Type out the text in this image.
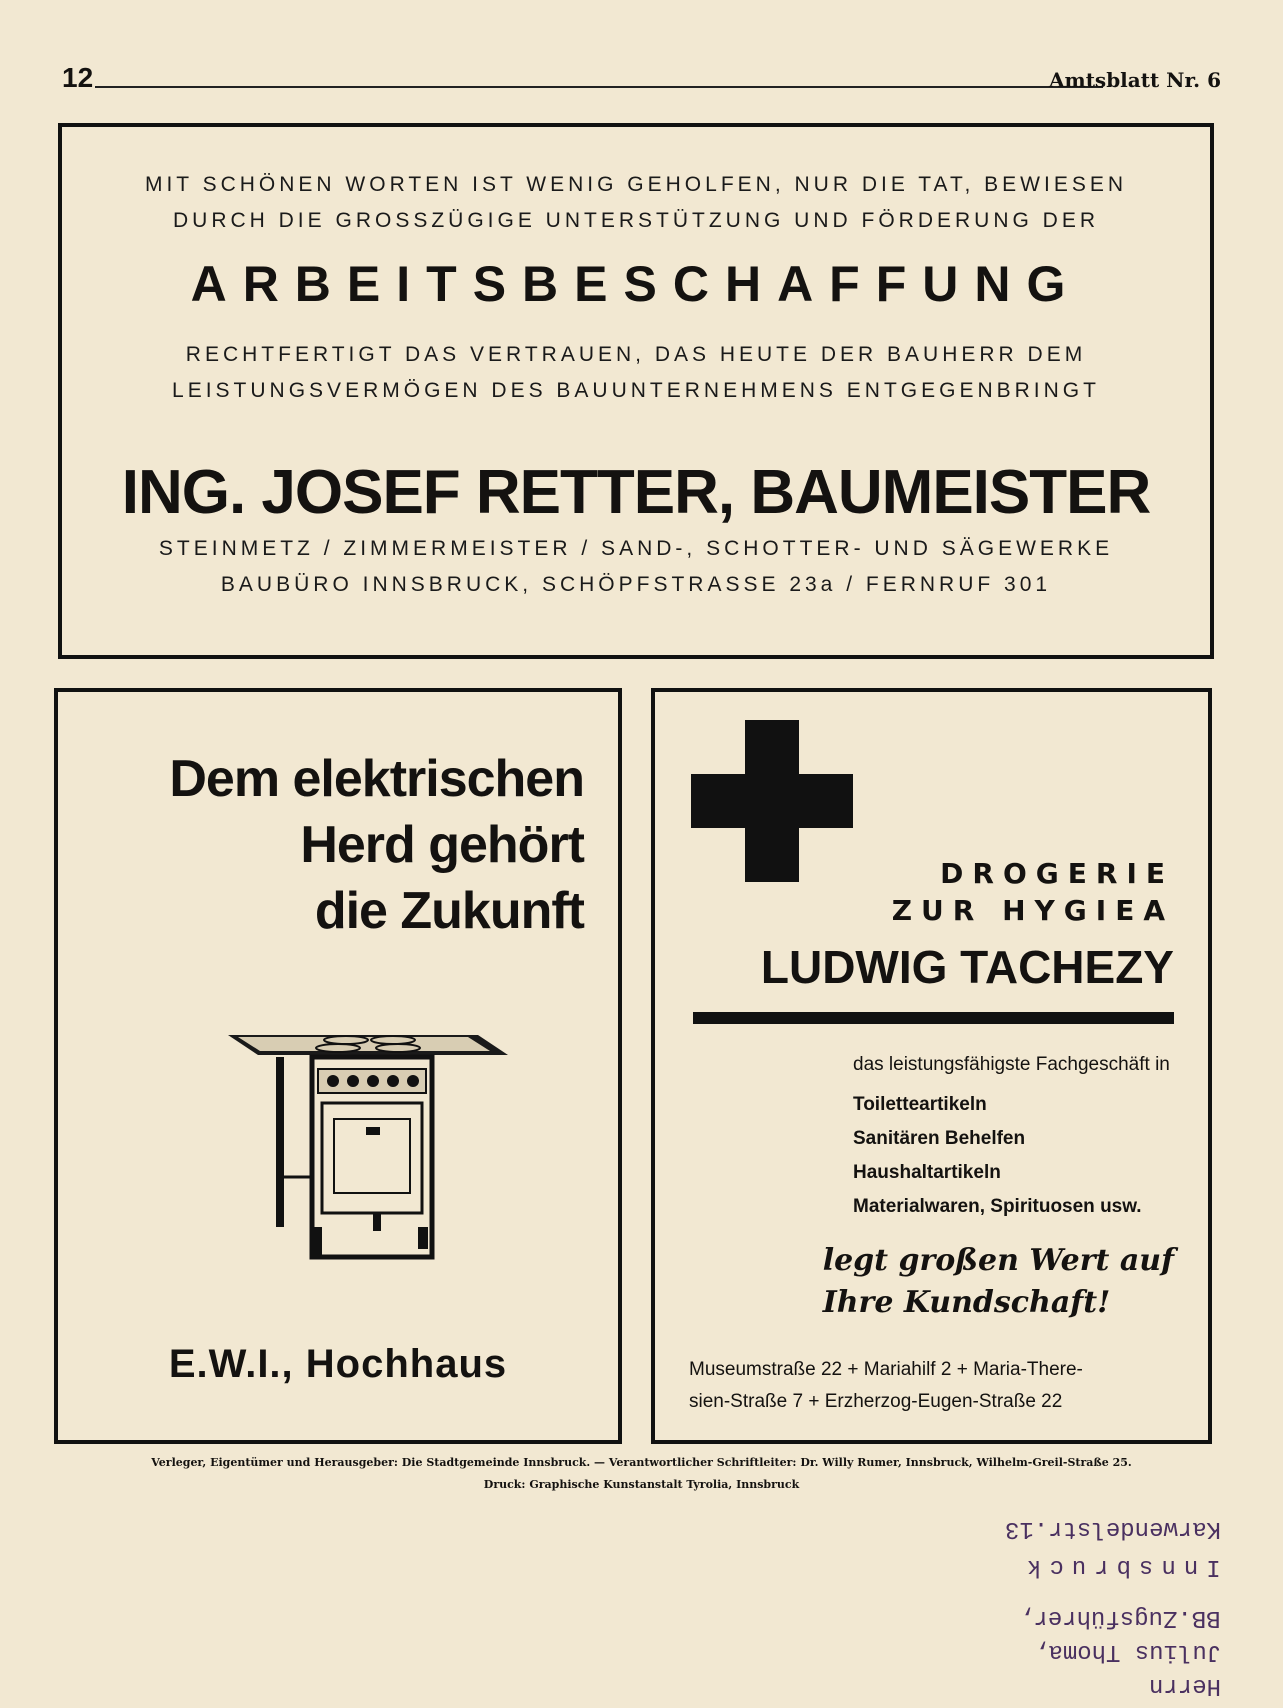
12	Amtsblatt Nr. 6
MIT SCHÖNEN WORTEN IST WENIG GEHOLFEN, NUR DIE TAT, BEWIESEN
DURCH DIE GROSSZÜGIGE UNTERSTÜTZUNG UND FÖRDERUNG DER
ARBEITSBESCHAFFUNG
RECHTFERTIGT DAS VERTRAUEN, DAS HEUTE DER BAUHERR DEM
LEISTUNGSVERMÖGEN DES BAUUNTERNEHMENS ENTGEGENBRINGT
ING. JOSEF RETTER, BAUMEISTER
STEINMETZ / ZIMMERMEISTER / SAND-, SCHOTTER- UND SÄGEWERKE
BAUBÜRO INNSBRUCK, SCHÖPFSTRASSE 23a / FERNRUF 301
Dem elektrischen
Herd gehört
die Zukunft
E.W.I., Hochhaus
DROGERIE
ZUR HYGIEA
LUDWIG TACHEZY
das leistungsfähigste Fachgeschäft in
Toiletteartikeln
Sanitären Behelfen
Haushaltartikeln
Materialwaren, Spirituosen usw.
legt großen Wert auf
Ihre Kundschaft!
Museumstraße 22 + Mariahilf 2 + Maria-There-
sien-Straße 7 + Erzherzog-Eugen-Straße 22
Verleger, Eigentümer und Herausgeber: Die Stadtgemeinde Innsbruck. — Verantwortlicher Schriftleiter: Dr. Willy Rumer, Innsbruck, Wilhelm-Greil-Straße 25.
Druck: Graphische Kunstanstalt Tyrolia, Innsbruck
Karwendelstr.13
Innsbruck
BB.Zugsführer,
Julius Thoma,
Herrn
